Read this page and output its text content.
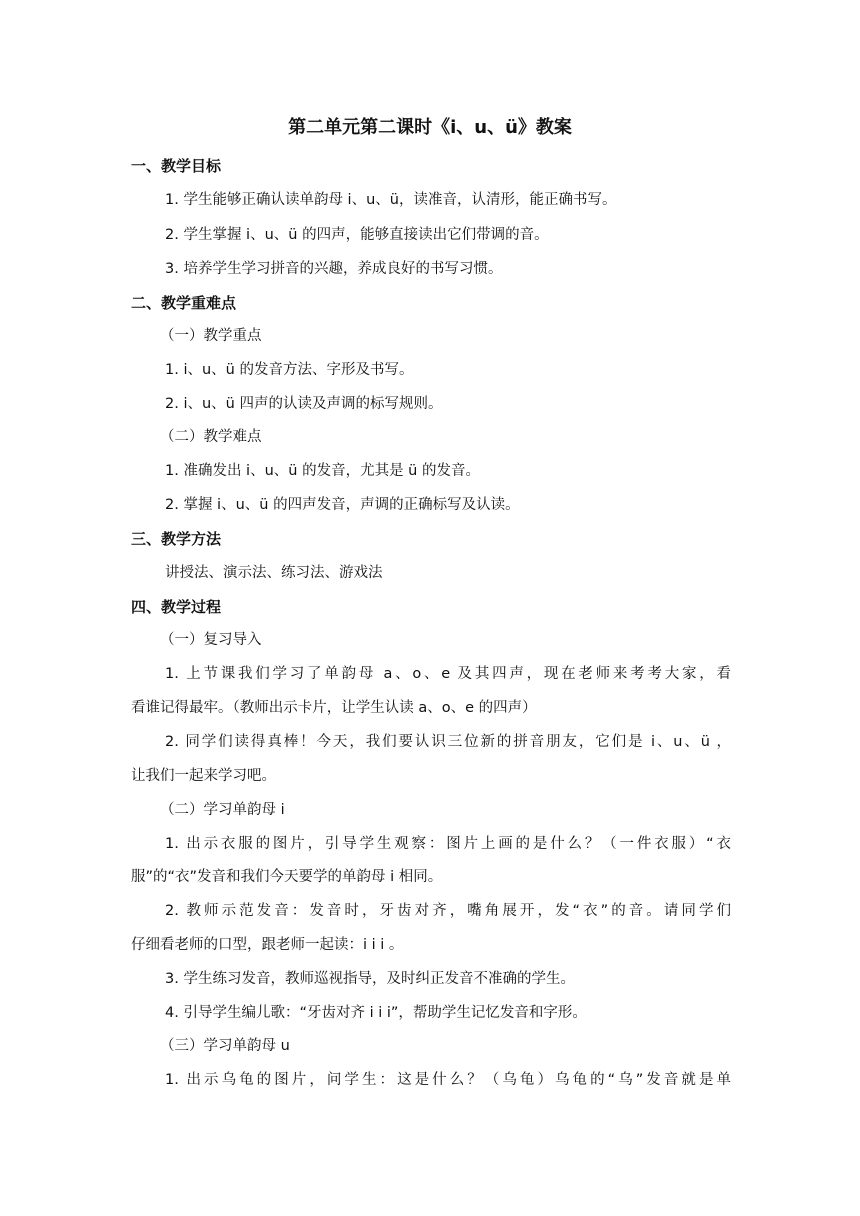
第二单元第二课时《i、u、ü》教案
一、教学目标
1. 学生能够正确认读单韵母 i、u、ü，读准音，认清形，能正确书写。
2. 学生掌握 i、u、ü 的四声，能够直接读出它们带调的音。
3. 培养学生学习拼音的兴趣，养成良好的书写习惯。
二、教学重难点
（一）教学重点
1. i、u、ü 的发音方法、字形及书写。
2. i、u、ü 四声的认读及声调的标写规则。
（二）教学难点
1. 准确发出 i、u、ü 的发音，尤其是 ü 的发音。
2. 掌握 i、u、ü 的四声发音，声调的正确标写及认读。
三、教学方法
讲授法、演示法、练习法、游戏法
四、教学过程
（一）复习导入
1. 上节课我们学习了单韵母 a、o、e 及其四声，现在老师来考考大家，看
看谁记得最牢。（教师出示卡片，让学生认读 a、o、e 的四声）
2. 同学们读得真棒！今天，我们要认识三位新的拼音朋友，它们是 i、u、ü ，
让我们一起来学习吧。
（二）学习单韵母 i
1. 出示衣服的图片，引导学生观察：图片上画的是什么？（一件衣服）“衣
服”的“衣”发音和我们今天要学的单韵母 i 相同。
2. 教师示范发音：发音时，牙齿对齐，嘴角展开，发“衣”的音。请同学们
仔细看老师的口型，跟老师一起读：i i i 。
3. 学生练习发音，教师巡视指导，及时纠正发音不准确的学生。
4. 引导学生编儿歌：“牙齿对齐 i i i”，帮助学生记忆发音和字形。
（三）学习单韵母 u
1. 出示乌龟的图片，问学生：这是什么？（乌龟）乌龟的“乌”发音就是单
